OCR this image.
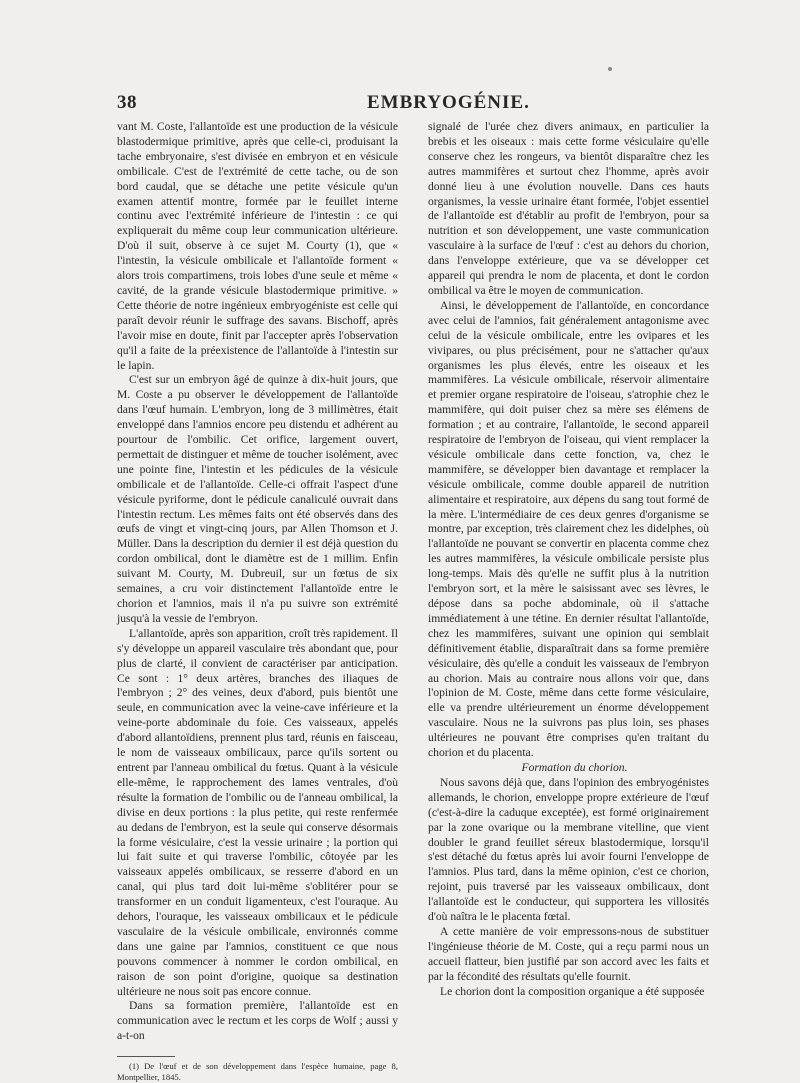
38	EMBRYOGÉNIE.

vant M. Coste, l'allantoïde est une production de la vésicule blastodermique primitive, après que celle-ci, produisant la tache embryonaire, s'est divisée en embryon et en vésicule ombilicale. C'est de l'extrémité de cette tache, ou de son bord caudal, que se détache une petite vésicule qu'un examen attentif montre, formée par le feuillet interne continu avec l'extrémité inférieure de l'intestin : ce qui expliquerait du même coup leur communication ultérieure. D'où il suit, observe à ce sujet M. Courty (1), que « l'intestin, la vésicule ombilicale et l'allantoïde forment « alors trois compartimens, trois lobes d'une seule et même « cavité, de la grande vésicule blastodermique primitive. » Cette théorie de notre ingénieux embryogéniste est celle qui paraît devoir réunir le suffrage des savans. Bischoff, après l'avoir mise en doute, finit par l'accepter après l'observation qu'il a faite de la préexistence de l'allantoïde à l'intestin sur le lapin.

C'est sur un embryon âgé de quinze à dix-huit jours, que M. Coste a pu observer le développement de l'allantoïde dans l'œuf humain. L'embryon, long de 3 millimètres, était enveloppé dans l'amnios encore peu distendu et adhérent au pourtour de l'ombilic. Cet orifice, largement ouvert, permettait de distinguer et même de toucher isolément, avec une pointe fine, l'intestin et les pédicules de la vésicule ombilicale et de l'allantoïde. Celle-ci offrait l'aspect d'une vésicule pyriforme, dont le pédicule canaliculé ouvrait dans l'intestin rectum. Les mêmes faits ont été observés dans des œufs de vingt et vingt-cinq jours, par Allen Thomson et J. Müller. Dans la description du dernier il est déjà question du cordon ombilical, dont le diamètre est de 1 millim. Enfin suivant M. Courty, M. Dubreuil, sur un fœtus de six semaines, a cru voir distinctement l'allantoïde entre le chorion et l'amnios, mais il n'a pu suivre son extrémité jusqu'à la vessie de l'embryon.

L'allantoïde, après son apparition, croît très rapidement. Il s'y développe un appareil vasculaire très abondant que, pour plus de clarté, il convient de caractériser par anticipation. Ce sont : 1° deux artères, branches des iliaques de l'embryon ; 2° des veines, deux d'abord, puis bientôt une seule, en communication avec la veine-cave inférieure et la veine-porte abdominale du foie. Ces vaisseaux, appelés d'abord allantoïdiens, prennent plus tard, réunis en faisceau, le nom de vaisseaux ombilicaux, parce qu'ils sortent ou entrent par l'anneau ombilical du fœtus. Quant à la vésicule elle-même, le rapprochement des lames ventrales, d'où résulte la formation de l'ombilic ou de l'anneau ombilical, la divise en deux portions : la plus petite, qui reste renfermée au dedans de l'embryon, est la seule qui conserve désormais la forme vésiculaire, c'est la vessie urinaire ; la portion qui lui fait suite et qui traverse l'ombilic, côtoyée par les vaisseaux appelés ombilicaux, se resserre d'abord en un canal, qui plus tard doit lui-même s'oblitérer pour se transformer en un conduit ligamenteux, c'est l'ouraque. Au dehors, l'ouraque, les vaisseaux ombilicaux et le pédicule vasculaire de la vésicule ombilicale, environnés comme dans une gaine par l'amnios, constituent ce que nous pouvons commencer à nommer le cordon ombilical, en raison de son point d'origine, quoique sa destination ultérieure ne nous soit pas encore connue.

Dans sa formation première, l'allantoïde est en communication avec le rectum et les corps de Wolf ; aussi y a-t-on

(1) De l'œuf et de son développement dans l'espèce humaine, page 8, Montpellier, 1845.

signalé de l'urée chez divers animaux, en particulier la brebis et les oiseaux : mais cette forme vésiculaire qu'elle conserve chez les rongeurs, va bientôt disparaître chez les autres mammifères et surtout chez l'homme, après avoir donné lieu à une évolution nouvelle. Dans ces hauts organismes, la vessie urinaire étant formée, l'objet essentiel de l'allantoïde est d'établir au profit de l'embryon, pour sa nutrition et son développement, une vaste communication vasculaire à la surface de l'œuf : c'est au dehors du chorion, dans l'enveloppe extérieure, que va se développer cet appareil qui prendra le nom de placenta, et dont le cordon ombilical va être le moyen de communication.

Ainsi, le développement de l'allantoïde, en concordance avec celui de l'amnios, fait généralement antagonisme avec celui de la vésicule ombilicale, entre les ovipares et les vivipares, ou plus précisément, pour ne s'attacher qu'aux organismes les plus élevés, entre les oiseaux et les mammifères. La vésicule ombilicale, réservoir alimentaire et premier organe respiratoire de l'oiseau, s'atrophie chez le mammifère, qui doit puiser chez sa mère ses élémens de formation ; et au contraire, l'allantoïde, le second appareil respiratoire de l'embryon de l'oiseau, qui vient remplacer la vésicule ombilicale dans cette fonction, va, chez le mammifère, se développer bien davantage et remplacer la vésicule ombilicale, comme double appareil de nutrition alimentaire et respiratoire, aux dépens du sang tout formé de la mère. L'intermédiaire de ces deux genres d'organisme se montre, par exception, très clairement chez les didelphes, où l'allantoïde ne pouvant se convertir en placenta comme chez les autres mammifères, la vésicule ombilicale persiste plus long-temps. Mais dès qu'elle ne suffit plus à la nutrition l'embryon sort, et la mère le saisissant avec ses lèvres, le dépose dans sa poche abdominale, où il s'attache immédiatement à une tétine. En dernier résultat l'allantoïde, chez les mammifères, suivant une opinion qui semblait définitivement établie, disparaîtrait dans sa forme première vésiculaire, dès qu'elle a conduit les vaisseaux de l'embryon au chorion. Mais au contraire nous allons voir que, dans l'opinion de M. Coste, même dans cette forme vésiculaire, elle va prendre ultérieurement un énorme développement vasculaire. Nous ne la suivrons pas plus loin, ses phases ultérieures ne pouvant être comprises qu'en traitant du chorion et du placenta.

Formation du chorion.

Nous savons déjà que, dans l'opinion des embryogénistes allemands, le chorion, enveloppe propre extérieure de l'œuf (c'est-à-dire la caduque exceptée), est formé originairement par la zone ovarique ou la membrane vitelline, que vient doubler le grand feuillet séreux blastodermique, lorsqu'il s'est détaché du fœtus après lui avoir fourni l'enveloppe de l'amnios. Plus tard, dans la même opinion, c'est ce chorion, rejoint, puis traversé par les vaisseaux ombilicaux, dont l'allantoïde est le conducteur, qui supportera les villosités d'où naîtra le le placenta fœtal.

A cette manière de voir empressons-nous de substituer l'ingénieuse théorie de M. Coste, qui a reçu parmi nous un accueil flatteur, bien justifié par son accord avec les faits et par la fécondité des résultats qu'elle fournit.

Le chorion dont la composition organique a été supposée
